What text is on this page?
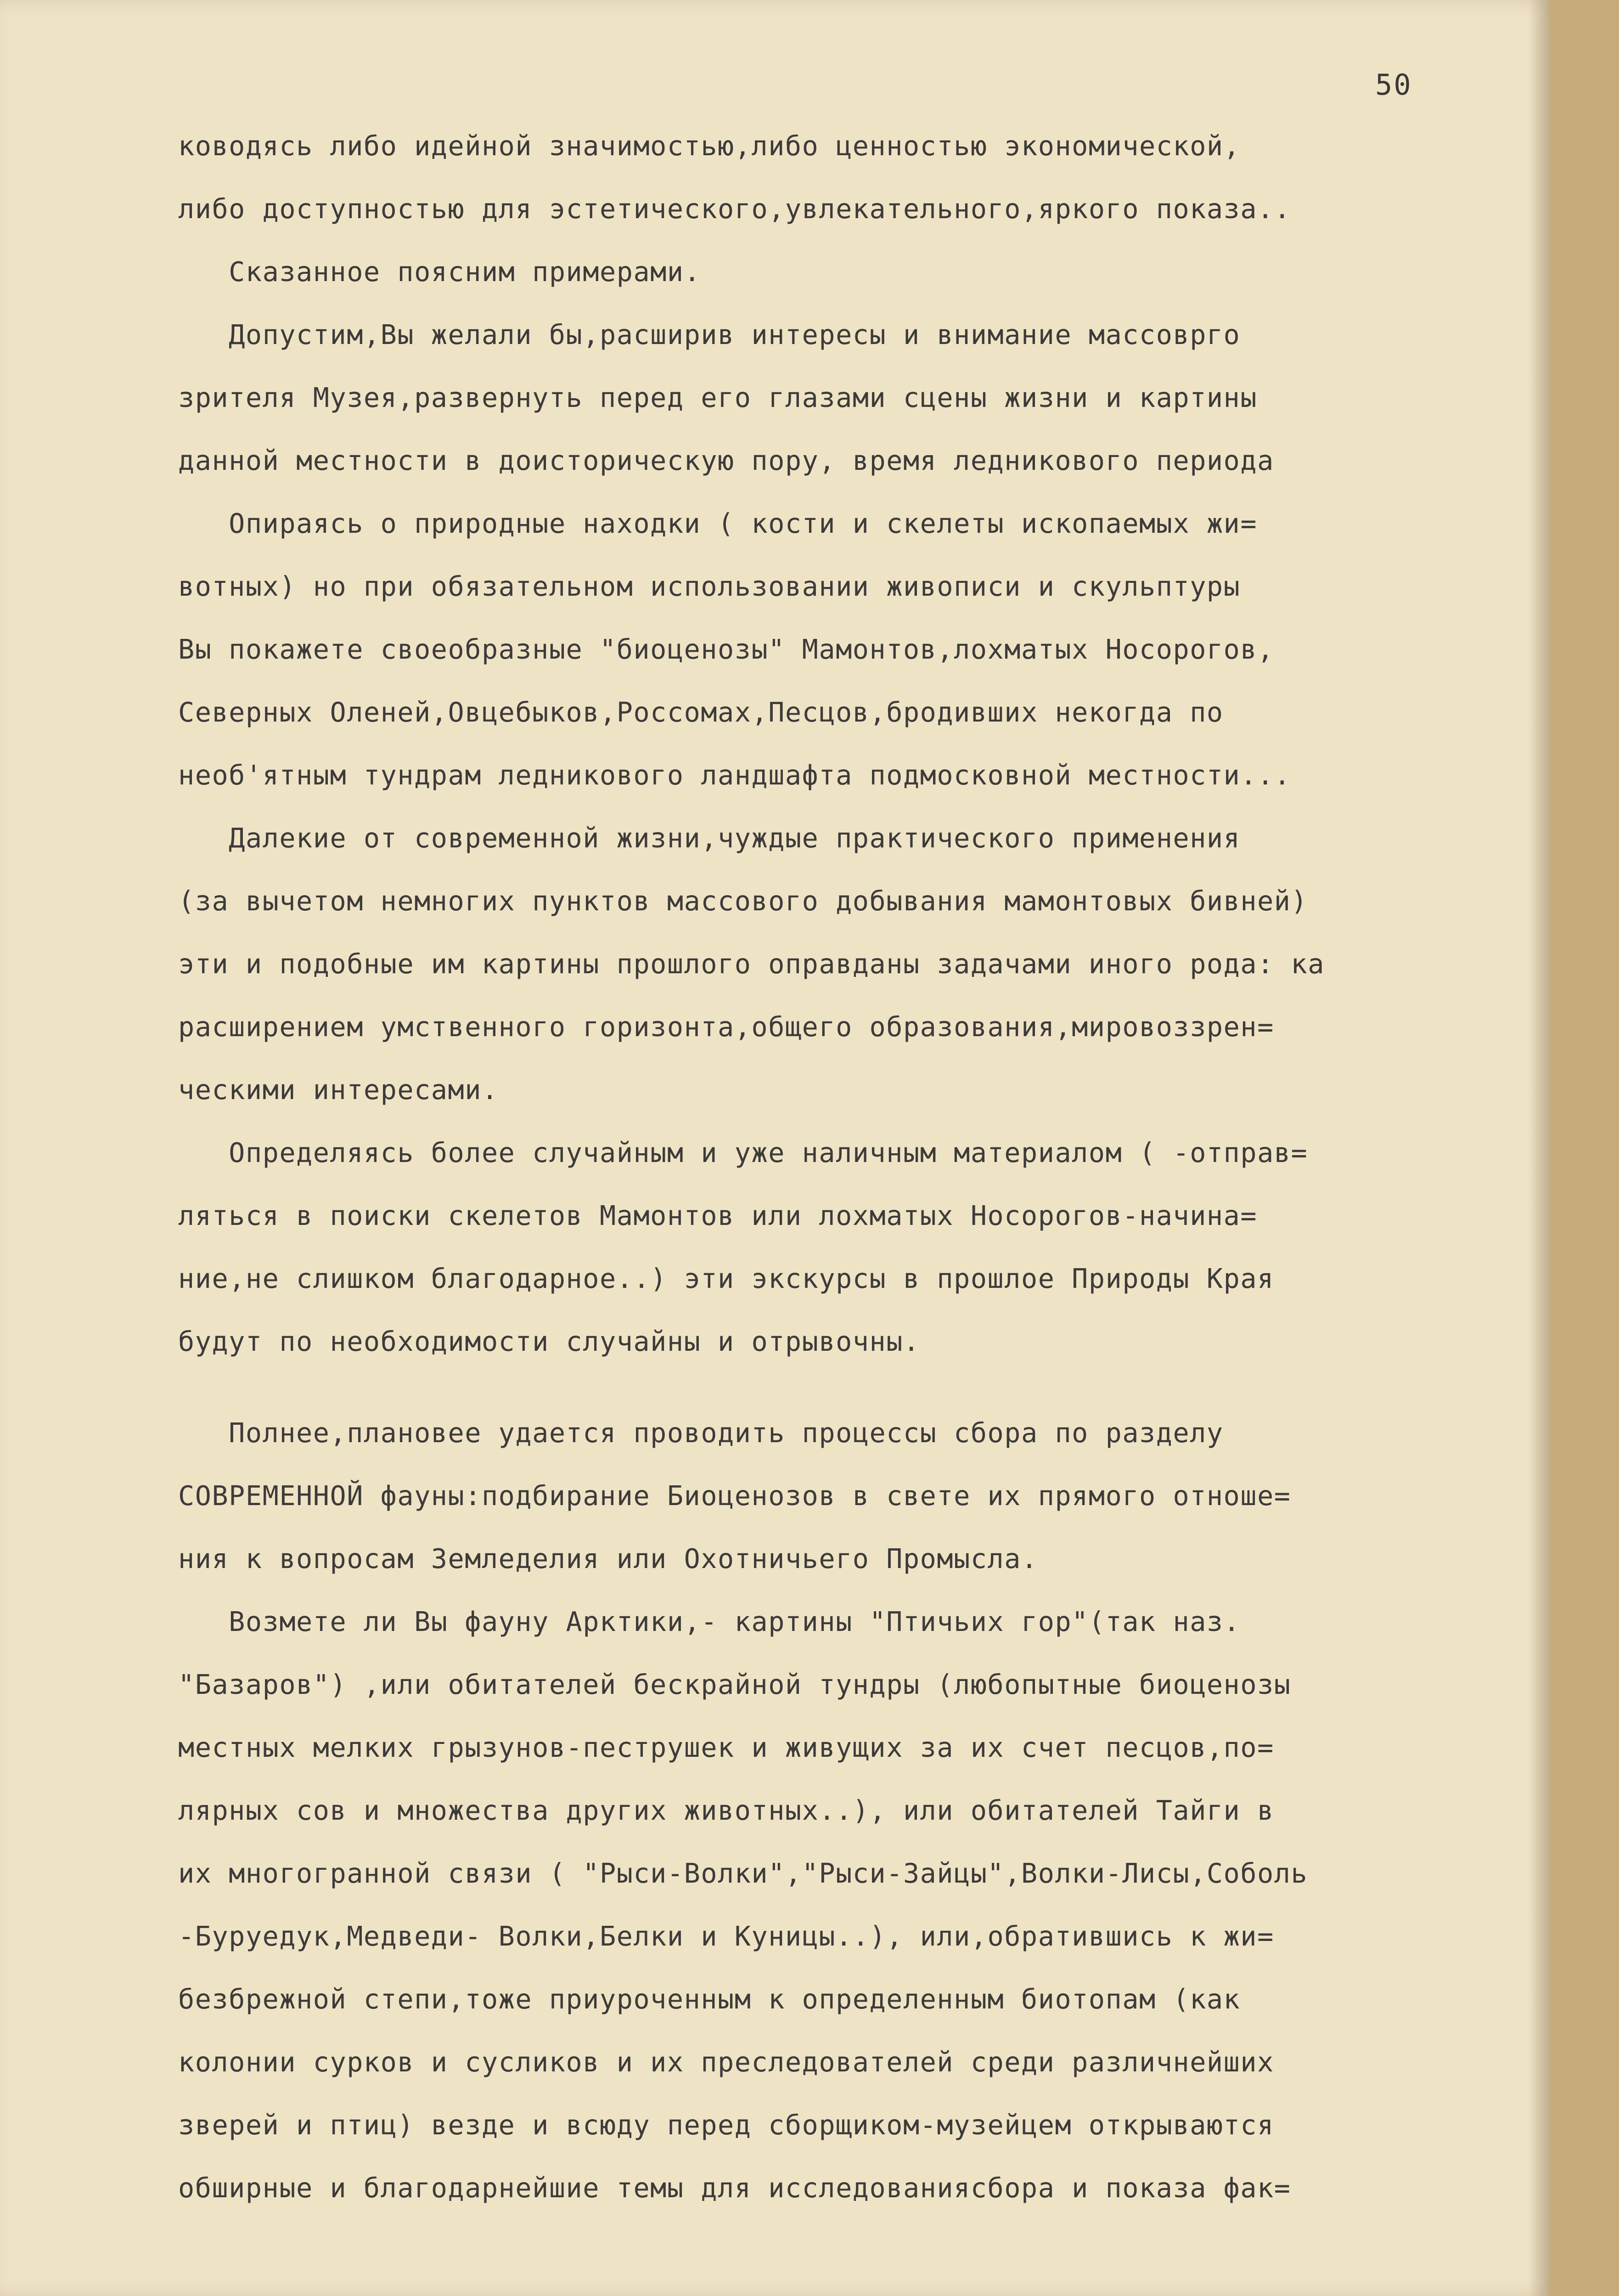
50
ководясь либо идейной значимостью,либо ценностью экономической,
либо доступностью для эстетического,увлекательного,яркого показа..
Сказанное поясним примерами.
Допустим,Вы желали бы,расширив интересы и внимание массоврго
зрителя Музея,развернуть перед его глазами сцены жизни и картины
данной местности в доисторическую пору, время ледникового периода
Опираясь о природные находки ( кости и скелеты ископаемых жи=
вотных) но при обязательном использовании живописи и скульптуры
Вы покажете своеобразные "биоценозы" Мамонтов,лохматых Носорогов,
Северных Оленей,Овцебыков,Россомах,Песцов,бродивших некогда по
необ'ятным тундрам ледникового ландшафта подмосковной местности...
Далекие от современной жизни,чуждые практического применения
(за вычетом немногих пунктов массового добывания мамонтовых бивней)
эти и подобные им картины прошлого оправданы задачами иного рода: ка
расширением умственного горизонта,общего образования,мировоззрен=
ческими интересами.
Определяясь более случайным и уже наличным материалом ( -отправ=
ляться в поиски скелетов Мамонтов или лохматых Носорогов-начина=
ние,не слишком благодарное..) эти экскурсы в прошлое Природы Края
будут по необходимости случайны и отрывочны.
Полнее,плановее удается проводить процессы сбора по разделу
СОВРЕМЕННОЙ фауны:подбирание Биоценозов в свете их прямого отноше=
ния к вопросам Земледелия или Охотничьего Промысла.
Возмете ли Вы фауну Арктики,- картины "Птичьих гор"(так наз.
"Базаров") ,или обитателей бескрайной тундры (любопытные биоценозы
местных мелких грызунов-пеструшек и живущих за их счет песцов,по=
лярных сов и множества других животных..), или обитателей Тайги в
их многогранной связи ( "Рыси-Волки","Рыси-Зайцы",Волки-Лисы,Соболь
-Буруедук,Медведи- Волки,Белки и Куницы..), или,обратившись к жи=
безбрежной степи,тоже приуроченным к определенным биотопам (как
колонии сурков и сусликов и их преследователей среди различнейших
зверей и птиц) везде и всюду перед сборщиком-музейцем открываются
обширные и благодарнейшие темы для исследованиясбора и показа фак=
